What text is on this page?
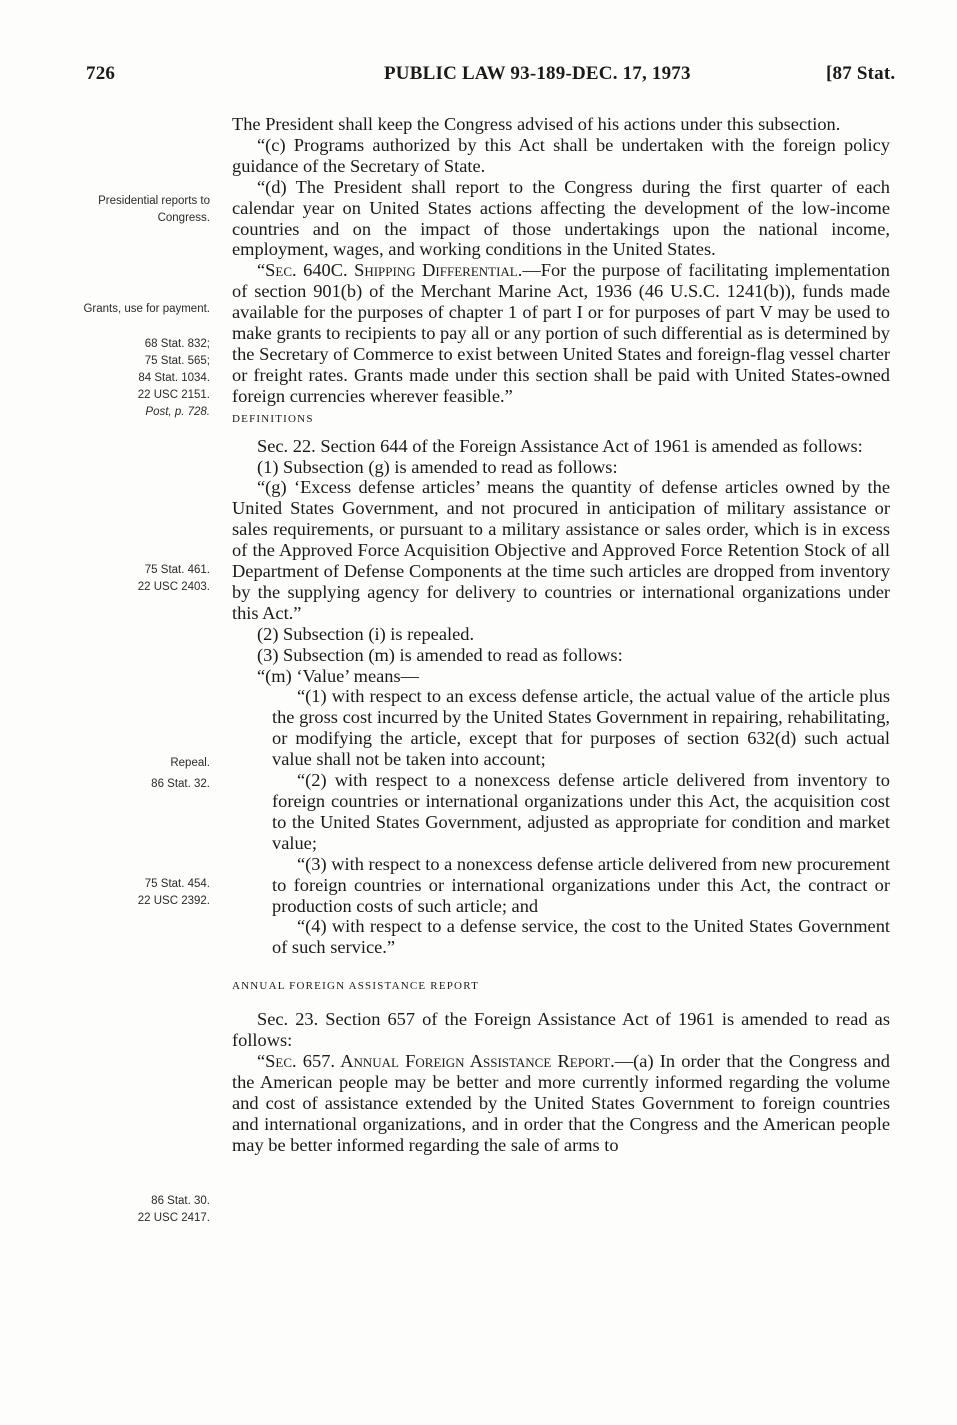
726	PUBLIC LAW 93-189-DEC. 17, 1973	[87 Stat.
Presidential reports to Congress.
Grants, use for payment.
68 Stat. 832;
75 Stat. 565;
84 Stat. 1034.
22 USC 2151.
Post, p. 728.
75 Stat. 461.
22 USC 2403.
Repeal.
86 Stat. 32.
75 Stat. 454.
22 USC 2392.
86 Stat. 30.
22 USC 2417.

The President shall keep the Congress advised of his actions under this subsection.

“(c) Programs authorized by this Act shall be undertaken with the foreign policy guidance of the Secretary of State.

“(d) The President shall report to the Congress during the first quarter of each calendar year on United States actions affecting the development of the low-income countries and on the impact of those undertakings upon the national income, employment, wages, and working conditions in the United States.

“Sec. 640C. Shipping Differential.—For the purpose of facilitating implementation of section 901(b) of the Merchant Marine Act, 1936 (46 U.S.C. 1241(b)), funds made available for the purposes of chapter 1 of part I or for purposes of part V may be used to make grants to recipients to pay all or any portion of such differential as is determined by the Secretary of Commerce to exist between United States and foreign-flag vessel charter or freight rates. Grants made under this section shall be paid with United States-owned foreign currencies wherever feasible.”

DEFINITIONS

Sec. 22. Section 644 of the Foreign Assistance Act of 1961 is amended as follows:

(1) Subsection (g) is amended to read as follows:

“(g) ‘Excess defense articles’ means the quantity of defense articles owned by the United States Government, and not procured in anticipation of military assistance or sales requirements, or pursuant to a military assistance or sales order, which is in excess of the Approved Force Acquisition Objective and Approved Force Retention Stock of all Department of Defense Components at the time such articles are dropped from inventory by the supplying agency for delivery to countries or international organizations under this Act.”

(2) Subsection (i) is repealed.

(3) Subsection (m) is amended to read as follows:

“(m) ‘Value’ means—

“(1) with respect to an excess defense article, the actual value of the article plus the gross cost incurred by the United States Government in repairing, rehabilitating, or modifying the article, except that for purposes of section 632(d) such actual value shall not be taken into account;

“(2) with respect to a nonexcess defense article delivered from inventory to foreign countries or international organizations under this Act, the acquisition cost to the United States Government, adjusted as appropriate for condition and market value;

“(3) with respect to a nonexcess defense article delivered from new procurement to foreign countries or international organizations under this Act, the contract or production costs of such article; and

“(4) with respect to a defense service, the cost to the United States Government of such service.”

ANNUAL FOREIGN ASSISTANCE REPORT

Sec. 23. Section 657 of the Foreign Assistance Act of 1961 is amended to read as follows:

“Sec. 657. Annual Foreign Assistance Report.—(a) In order that the Congress and the American people may be better and more currently informed regarding the volume and cost of assistance extended by the United States Government to foreign countries and international organizations, and in order that the Congress and the American people may be better informed regarding the sale of arms to
